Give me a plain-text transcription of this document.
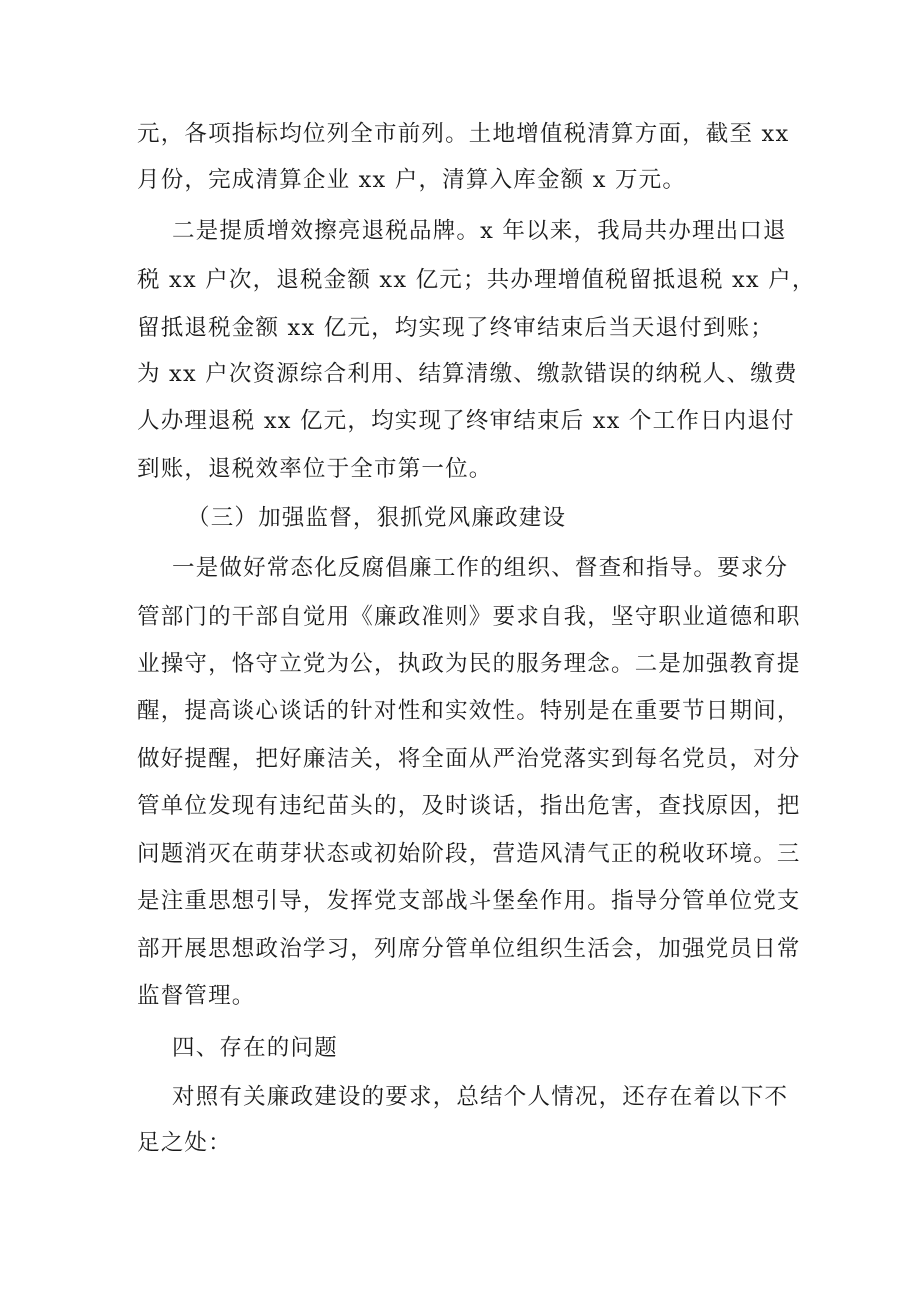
元，各项指标均位列全市前列。土地增值税清算方面，截至 xx
月份，完成清算企业 xx 户，清算入库金额 x 万元。
二是提质增效擦亮退税品牌。x 年以来，我局共办理出口退
税 xx 户次，退税金额 xx 亿元；共办理增值税留抵退税 xx 户，
留抵退税金额 xx 亿元，均实现了终审结束后当天退付到账；
为 xx 户次资源综合利用、结算清缴、缴款错误的纳税人、缴费
人办理退税 xx 亿元，均实现了终审结束后 xx 个工作日内退付
到账，退税效率位于全市第一位。
（三）加强监督，狠抓党风廉政建设
一是做好常态化反腐倡廉工作的组织、督查和指导。要求分
管部门的干部自觉用《廉政准则》要求自我，坚守职业道德和职
业操守，恪守立党为公，执政为民的服务理念。二是加强教育提
醒，提高谈心谈话的针对性和实效性。特别是在重要节日期间，
做好提醒，把好廉洁关，将全面从严治党落实到每名党员，对分
管单位发现有违纪苗头的，及时谈话，指出危害，查找原因，把
问题消灭在萌芽状态或初始阶段，营造风清气正的税收环境。三
是注重思想引导，发挥党支部战斗堡垒作用。指导分管单位党支
部开展思想政治学习，列席分管单位组织生活会，加强党员日常
监督管理。
四、存在的问题
对照有关廉政建设的要求，总结个人情况，还存在着以下不
足之处：
